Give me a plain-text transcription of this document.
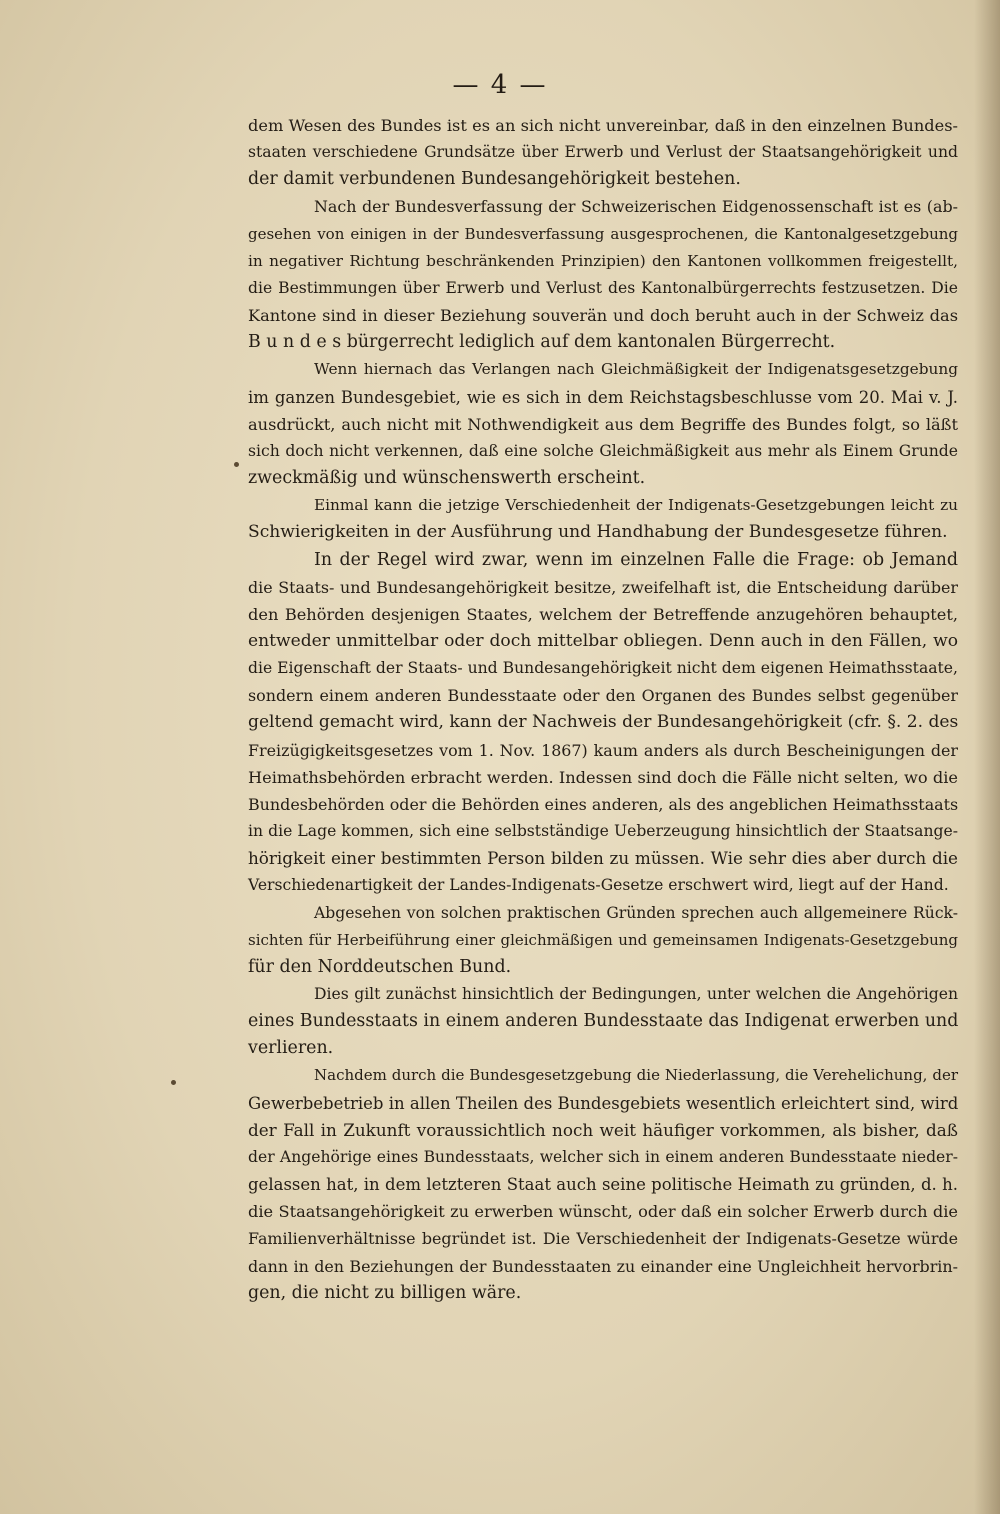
— 4 —
dem Wesen des Bundes ist es an sich nicht unvereinbar, daß in den einzelnen Bundes-
staaten verschiedene Grundsätze über Erwerb und Verlust der Staatsangehörigkeit und
der damit verbundenen Bundesangehörigkeit bestehen.
Nach der Bundesverfassung der Schweizerischen Eidgenossenschaft ist es (ab-
gesehen von einigen in der Bundesverfassung ausgesprochenen, die Kantonalgesetzgebung
in negativer Richtung beschränkenden Prinzipien) den Kantonen vollkommen freigestellt,
die Bestimmungen über Erwerb und Verlust des Kantonalbürgerrechts festzusetzen. Die
Kantone sind in dieser Beziehung souverän und doch beruht auch in der Schweiz das
B u n d e s bürgerrecht lediglich auf dem kantonalen Bürgerrecht.
Wenn hiernach das Verlangen nach Gleichmäßigkeit der Indigenatsgesetzgebung
im ganzen Bundesgebiet, wie es sich in dem Reichstagsbeschlusse vom 20. Mai v. J.
ausdrückt, auch nicht mit Nothwendigkeit aus dem Begriffe des Bundes folgt, so läßt
sich doch nicht verkennen, daß eine solche Gleichmäßigkeit aus mehr als Einem Grunde
zweckmäßig und wünschenswerth erscheint.
Einmal kann die jetzige Verschiedenheit der Indigenats-Gesetzgebungen leicht zu
Schwierigkeiten in der Ausführung und Handhabung der Bundesgesetze führen.
In der Regel wird zwar, wenn im einzelnen Falle die Frage: ob Jemand
die Staats- und Bundesangehörigkeit besitze, zweifelhaft ist, die Entscheidung darüber
den Behörden desjenigen Staates, welchem der Betreffende anzugehören behauptet,
entweder unmittelbar oder doch mittelbar obliegen. Denn auch in den Fällen, wo
die Eigenschaft der Staats- und Bundesangehörigkeit nicht dem eigenen Heimathsstaate,
sondern einem anderen Bundesstaate oder den Organen des Bundes selbst gegenüber
geltend gemacht wird, kann der Nachweis der Bundesangehörigkeit (cfr. §. 2. des
Freizügigkeitsgesetzes vom 1. Nov. 1867) kaum anders als durch Bescheinigungen der
Heimathsbehörden erbracht werden. Indessen sind doch die Fälle nicht selten, wo die
Bundesbehörden oder die Behörden eines anderen, als des angeblichen Heimathsstaats
in die Lage kommen, sich eine selbstständige Ueberzeugung hinsichtlich der Staatsange-
hörigkeit einer bestimmten Person bilden zu müssen. Wie sehr dies aber durch die
Verschiedenartigkeit der Landes-Indigenats-Gesetze erschwert wird, liegt auf der Hand.
Abgesehen von solchen praktischen Gründen sprechen auch allgemeinere Rück-
sichten für Herbeiführung einer gleichmäßigen und gemeinsamen Indigenats-Gesetzgebung
für den Norddeutschen Bund.
Dies gilt zunächst hinsichtlich der Bedingungen, unter welchen die Angehörigen
eines Bundesstaats in einem anderen Bundesstaate das Indigenat erwerben und
verlieren.
Nachdem durch die Bundesgesetzgebung die Niederlassung, die Verehelichung, der
Gewerbebetrieb in allen Theilen des Bundesgebiets wesentlich erleichtert sind, wird
der Fall in Zukunft voraussichtlich noch weit häufiger vorkommen, als bisher, daß
der Angehörige eines Bundesstaats, welcher sich in einem anderen Bundesstaate nieder-
gelassen hat, in dem letzteren Staat auch seine politische Heimath zu gründen, d. h.
die Staatsangehörigkeit zu erwerben wünscht, oder daß ein solcher Erwerb durch die
Familienverhältnisse begründet ist. Die Verschiedenheit der Indigenats-Gesetze würde
dann in den Beziehungen der Bundesstaaten zu einander eine Ungleichheit hervorbrin-
gen, die nicht zu billigen wäre.
